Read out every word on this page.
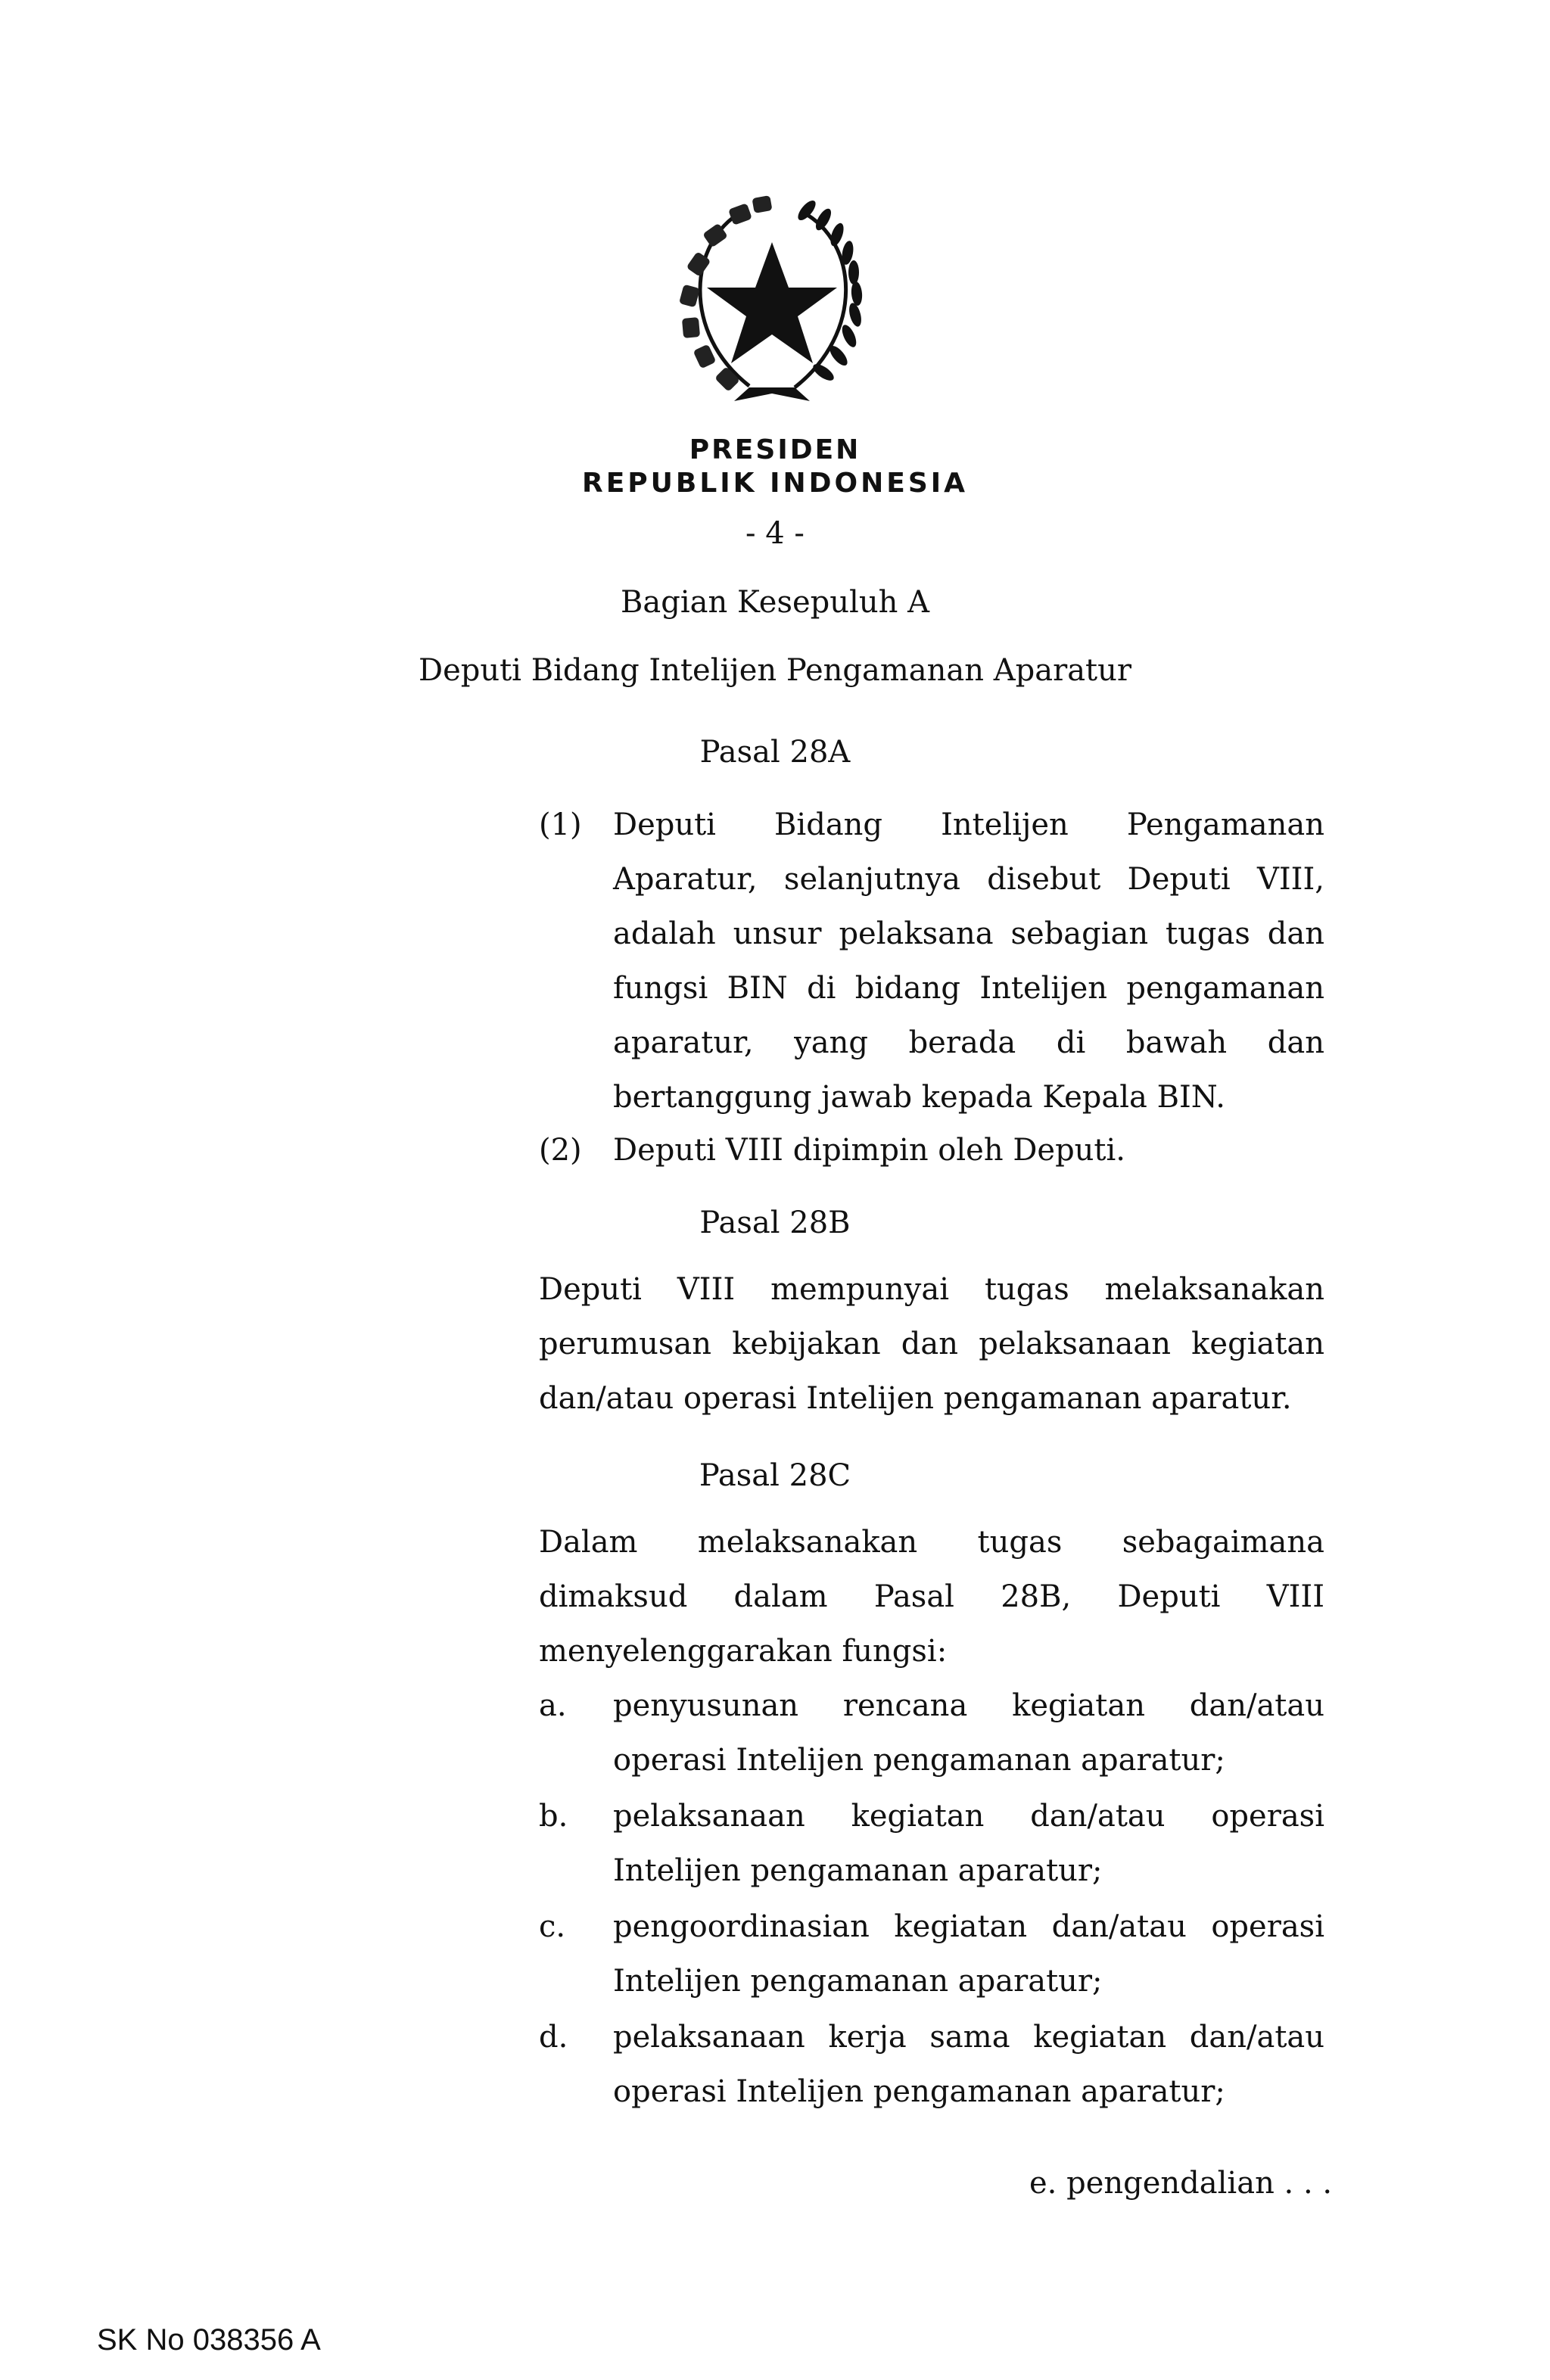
PRESIDEN
REPUBLIK INDONESIA
- 4 -
Bagian Kesepuluh A
Deputi Bidang Intelijen Pengamanan Aparatur
Pasal 28A
(1) Deputi Bidang Intelijen Pengamanan Aparatur, selanjutnya disebut Deputi VIII, adalah unsur pelaksana sebagian tugas dan fungsi BIN di bidang Intelijen pengamanan aparatur, yang berada di bawah dan bertanggung jawab kepada Kepala BIN.
(2) Deputi VIII dipimpin oleh Deputi.
Pasal 28B
Deputi VIII mempunyai tugas melaksanakan perumusan kebijakan dan pelaksanaan kegiatan dan/atau operasi Intelijen pengamanan aparatur.
Pasal 28C
Dalam melaksanakan tugas sebagaimana dimaksud dalam Pasal 28B, Deputi VIII menyelenggarakan fungsi:
a. penyusunan rencana kegiatan dan/atau operasi Intelijen pengamanan aparatur;
b. pelaksanaan kegiatan dan/atau operasi Intelijen pengamanan aparatur;
c. pengoordinasian kegiatan dan/atau operasi Intelijen pengamanan aparatur;
d. pelaksanaan kerja sama kegiatan dan/atau operasi Intelijen pengamanan aparatur;
e. pengendalian . . .
SK No 038356 A
